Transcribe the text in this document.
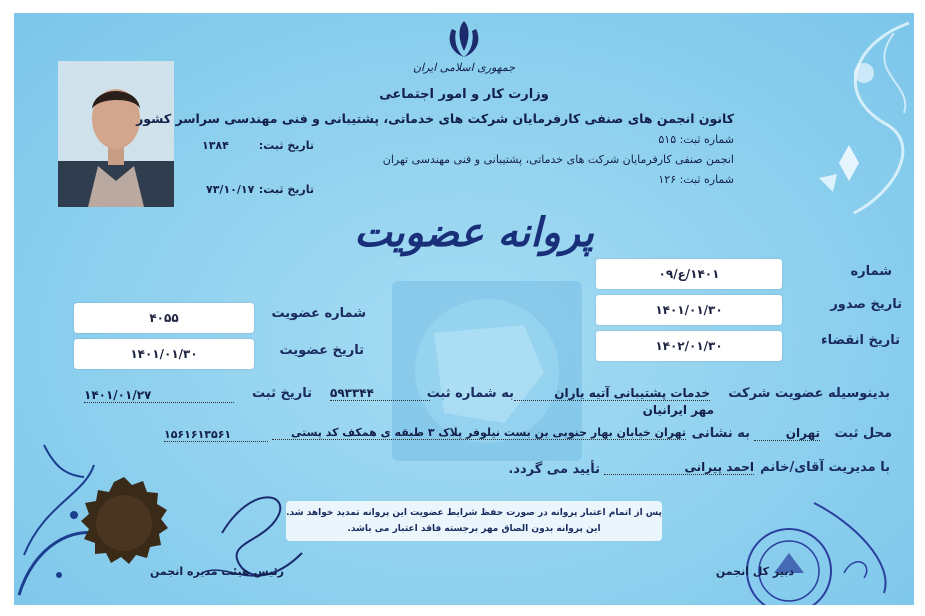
جمهوری اسلامی ایران
وزارت کار و امور اجتماعی
کانون انجمن های صنفی کارفرمایان شرکت های خدماتی، پشتیبانی و فنی مهندسی سراسر کشور
شماره ثبت: ۵۱۵
تاریخ ثبت:
۱۳۸۴
انجمن صنفی کارفرمایان شرکت های خدماتی، پشتیبانی و فنی مهندسی تهران
شماره ثبت: ۱۲۶
تاریخ ثبت:
۷۳/۱۰/۱۷
پروانه عضویت
شماره
۱۴۰۱/ع/۰۹
تاریخ صدور
۱۴۰۱/۰۱/۳۰
تاریخ انقضاء
۱۴۰۲/۰۱/۳۰
شماره عضویت
۴۰۵۵
تاریخ عضویت
۱۴۰۱/۰۱/۳۰
بدینوسیله عضویت شرکت
خدمات پشتیبانی آتیه یاران
به شماره ثبت
۵۹۳۳۴۴
تاریخ ثبت
۱۴۰۱/۰۱/۲۷
مهر ایرانیان
محل ثبت
تهران
به نشانی
تهران خیابان بهار جنوبی بن بست نیلوفر پلاک ۳ طبقه ی همکف کد پستی
۱۵۶۱۶۱۳۵۶۱
با مدیریت آقای/خانم
احمد پیرانی
تأیید می گردد.
پس از اتمام اعتبار پروانه در صورت حفظ شرایط عضویت این پروانه تمدید خواهد شد.
این پروانه بدون الصاق مهر برجسته فاقد اعتبار می باشد.
رئیس هیئت مدیره انجمن	دبیر کل انجمن
